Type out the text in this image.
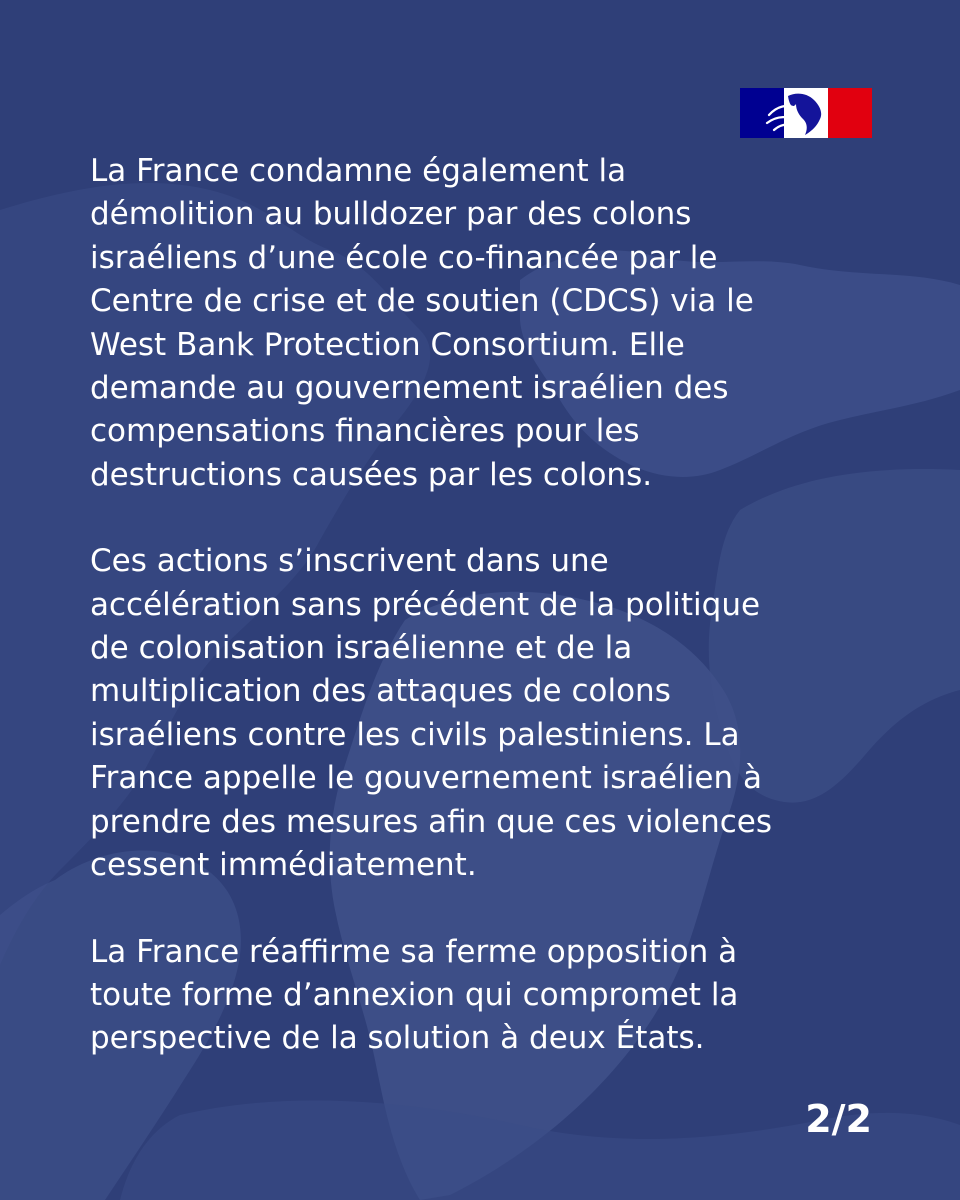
La France condamne également la
démolition au bulldozer par des colons
israéliens d’une école co-financée par le
Centre de crise et de soutien (CDCS) via le
West Bank Protection Consortium. Elle
demande au gouvernement israélien des
compensations financières pour les
destructions causées par les colons.

Ces actions s’inscrivent dans une
accélération sans précédent de la politique
de colonisation israélienne et de la
multiplication des attaques de colons
israéliens contre les civils palestiniens. La
France appelle le gouvernement israélien à
prendre des mesures afin que ces violences
cessent immédiatement.

La France réaffirme sa ferme opposition à
toute forme d’annexion qui compromet la
perspective de la solution à deux États.

2/2
